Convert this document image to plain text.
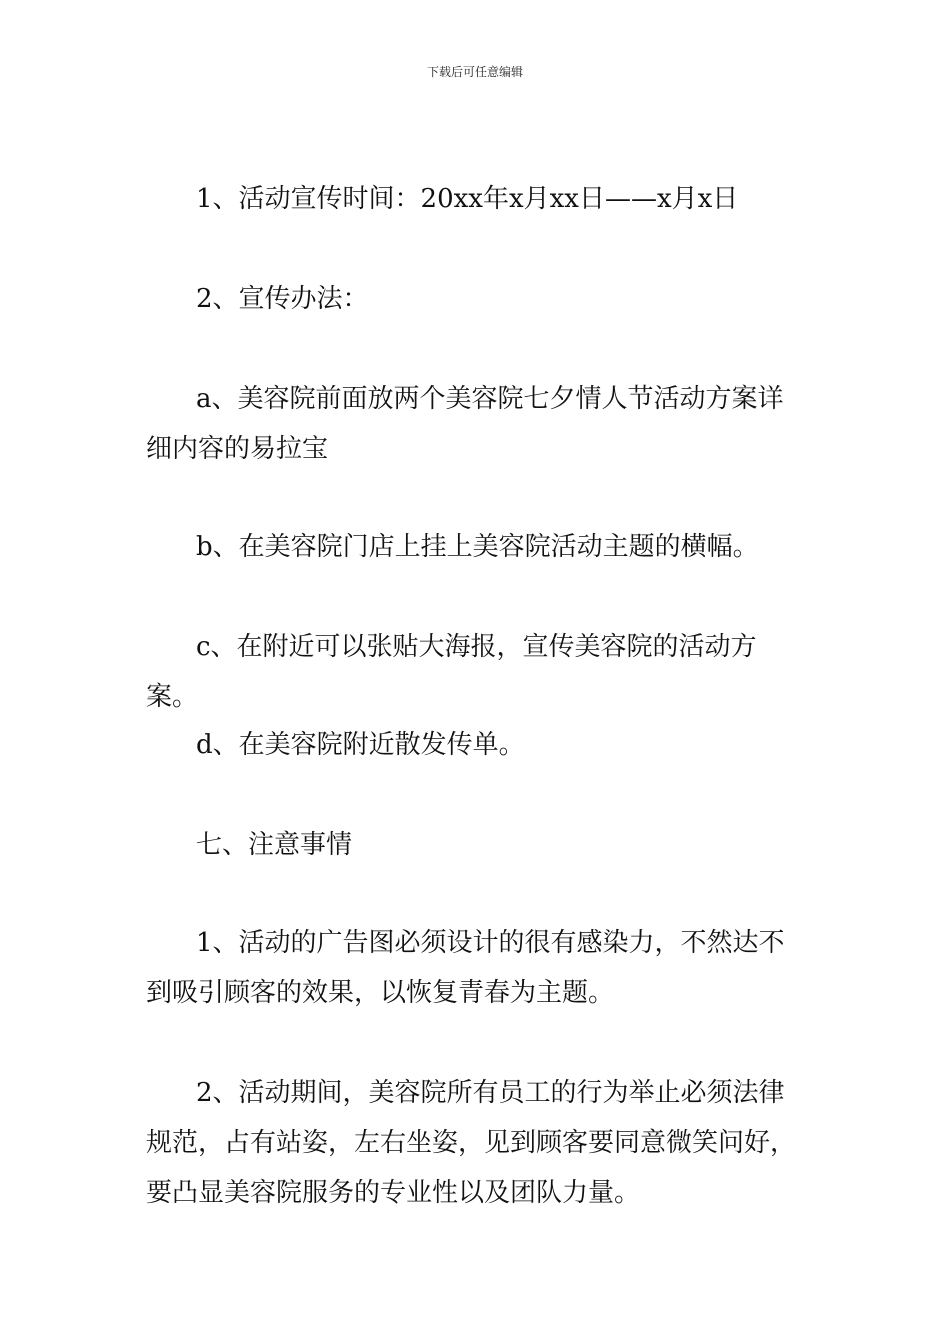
下载后可任意编辑

1、活动宣传时间：20xx年x月xx日——x月x日

2、宣传办法：

a、美容院前面放两个美容院七夕情人节活动方案详细内容的易拉宝

b、在美容院门店上挂上美容院活动主题的横幅。

c、在附近可以张贴大海报，宣传美容院的活动方案。

d、在美容院附近散发传单。

七、注意事情

1、活动的广告图必须设计的很有感染力，不然达不到吸引顾客的效果，以恢复青春为主题。

2、活动期间，美容院所有员工的行为举止必须法律规范，占有站姿，左右坐姿，见到顾客要同意微笑问好，要凸显美容院服务的专业性以及团队力量。
